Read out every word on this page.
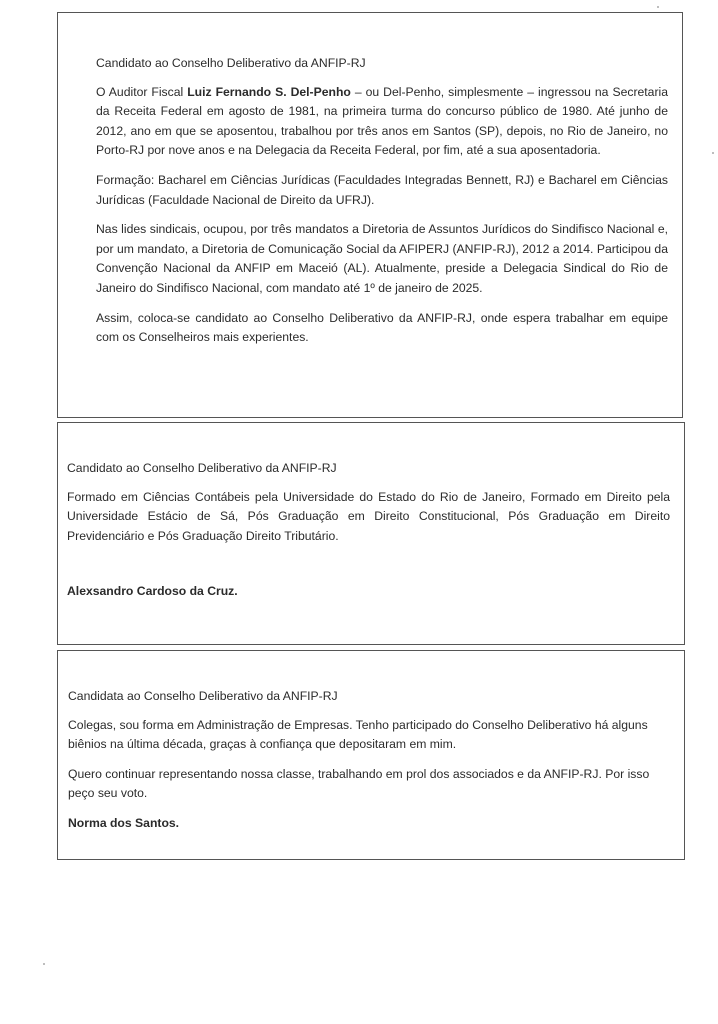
Candidato ao Conselho Deliberativo da ANFIP-RJ

O Auditor Fiscal Luiz Fernando S. Del-Penho – ou Del-Penho, simplesmente – ingressou na Secretaria da Receita Federal em agosto de 1981, na primeira turma do concurso público de 1980. Até junho de 2012, ano em que se aposentou, trabalhou por três anos em Santos (SP), depois, no Rio de Janeiro, no Porto-RJ por nove anos e na Delegacia da Receita Federal, por fim, até a sua aposentadoria.

Formação: Bacharel em Ciências Jurídicas (Faculdades Integradas Bennett, RJ) e Bacharel em Ciências Jurídicas (Faculdade Nacional de Direito da UFRJ).

Nas lides sindicais, ocupou, por três mandatos a Diretoria de Assuntos Jurídicos do Sindifisco Nacional e, por um mandato, a Diretoria de Comunicação Social da AFIPERJ (ANFIP-RJ), 2012 a 2014. Participou da Convenção Nacional da ANFIP em Maceió (AL). Atualmente, preside a Delegacia Sindical do Rio de Janeiro do Sindifisco Nacional, com mandato até 1º de janeiro de 2025.

Assim, coloca-se candidato ao Conselho Deliberativo da ANFIP-RJ, onde espera trabalhar em equipe com os Conselheiros mais experientes.

Candidato ao Conselho Deliberativo da ANFIP-RJ

Formado em Ciências Contábeis pela Universidade do Estado do Rio de Janeiro, Formado em Direito pela Universidade Estácio de Sá, Pós Graduação em Direito Constitucional, Pós Graduação em Direito Previdenciário e Pós Graduação Direito Tributário.

Alexsandro Cardoso da Cruz.

Candidata ao Conselho Deliberativo da ANFIP-RJ

Colegas, sou forma em Administração de Empresas. Tenho participado do Conselho Deliberativo há alguns biênios na última década, graças à confiança que depositaram em mim.

Quero continuar representando nossa classe, trabalhando em prol dos associados e da ANFIP-RJ. Por isso peço seu voto.

Norma dos Santos.
